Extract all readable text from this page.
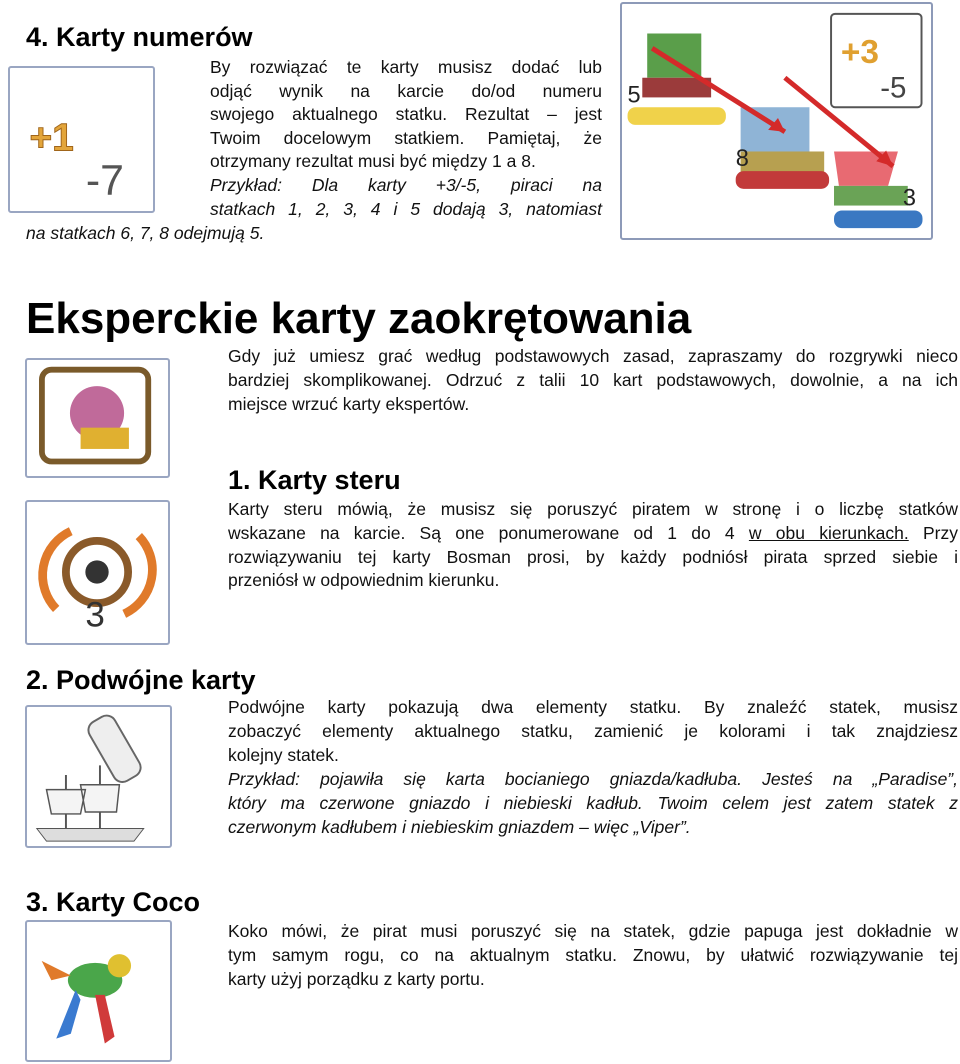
4. Karty numerów
+1
-7
By rozwiązać te karty musisz dodać lub
odjąć wynik na karcie do/od numeru
swojego aktualnego statku. Rezultat – jest
Twoim docelowym statkiem. Pamiętaj, że
otrzymany rezultat musi być między 1 a 8.
Przykład: Dla karty +3/-5, piraci na
statkach 1, 2, 3, 4 i 5 dodają 3, natomiast
na statkach 6, 7, 8 odejmują 5.
+3
-5
5
8
3
Eksperckie karty zaokrętowania
Gdy już umiesz grać według podstawowych zasad, zapraszamy do rozgrywki nieco
bardziej skomplikowanej. Odrzuć z talii 10 kart podstawowych, dowolnie, a na ich
miejsce wrzuć karty ekspertów.
1. Karty steru
3
Karty steru mówią, że musisz się poruszyć piratem w stronę i o liczbę statków
wskazane na karcie. Są one ponumerowane od 1 do 4 w obu kierunkach. Przy
rozwiązywaniu tej karty Bosman prosi, by każdy podniósł pirata sprzed siebie i
przeniósł w odpowiednim kierunku.
2. Podwójne karty
Podwójne karty pokazują dwa elementy statku. By znaleźć statek, musisz
zobaczyć elementy aktualnego statku, zamienić je kolorami i tak znajdziesz
kolejny statek.
Przykład: pojawiła się karta bocianiego gniazda/kadłuba. Jesteś na „Paradise”,
który ma czerwone gniazdo i niebieski kadłub. Twoim celem jest zatem statek z
czerwonym kadłubem i niebieskim gniazdem – więc „Viper”.
3. Karty Coco
Koko mówi, że pirat musi poruszyć się na statek, gdzie papuga jest dokładnie w
tym samym rogu, co na aktualnym statku. Znowu, by ułatwić rozwiązywanie tej
karty użyj porządku z karty portu.
